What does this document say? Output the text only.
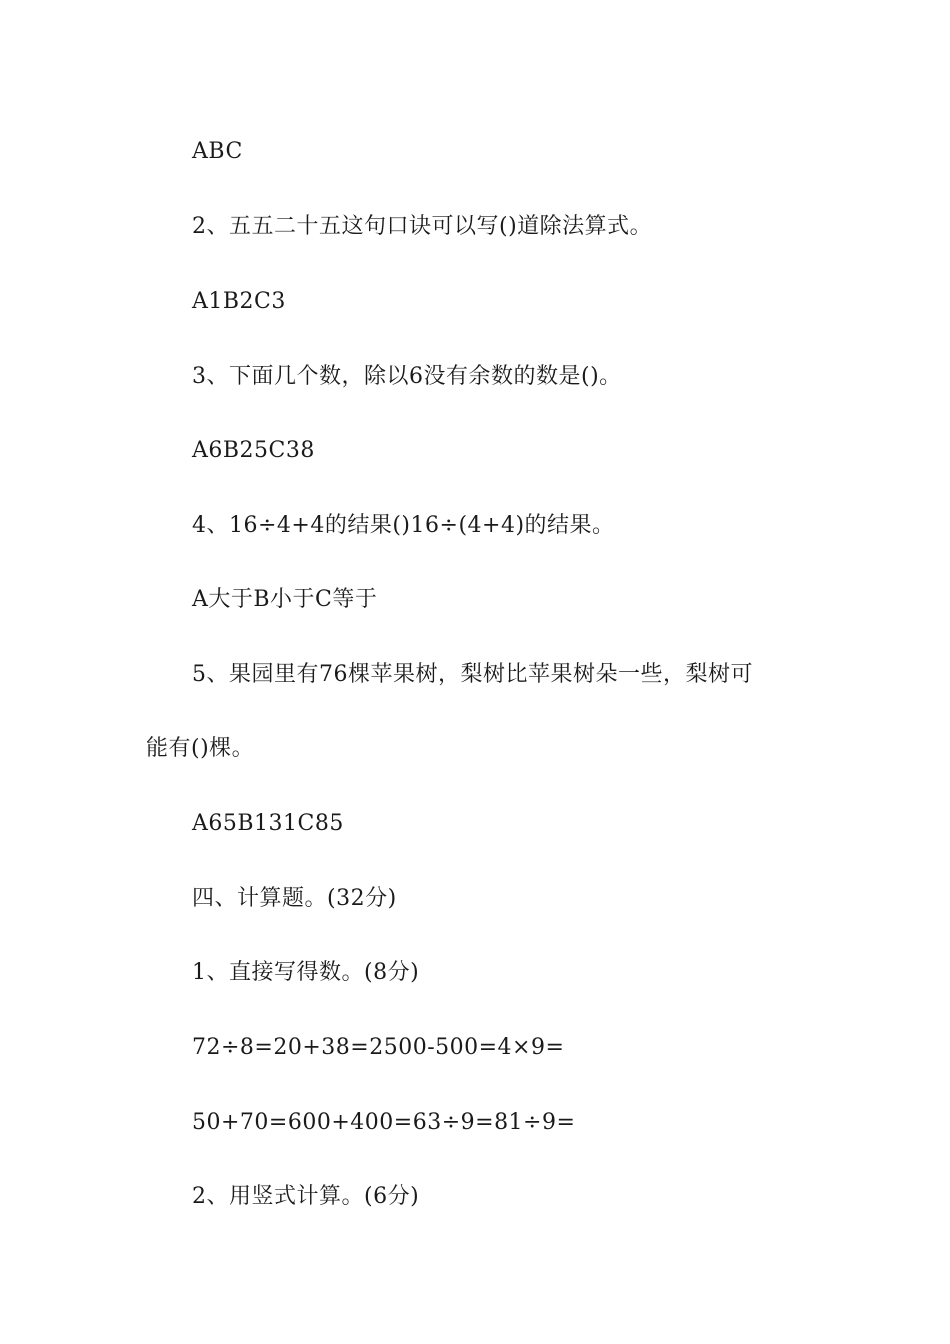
ABC
2、五五二十五这句口诀可以写()道除法算式。
A1B2C3
3、下面几个数，除以6没有余数的数是()。
A6B25C38
4、16÷4+4的结果()16÷(4+4)的结果。
A大于B小于C等于
5、果园里有76棵苹果树，梨树比苹果树朵一些，梨树可
能有()棵。
A65B131C85
四、计算题。(32分)
1、直接写得数。(8分)
72÷8=20+38=2500-500=4×9=
50+70=600+400=63÷9=81÷9=
2、用竖式计算。(6分)
